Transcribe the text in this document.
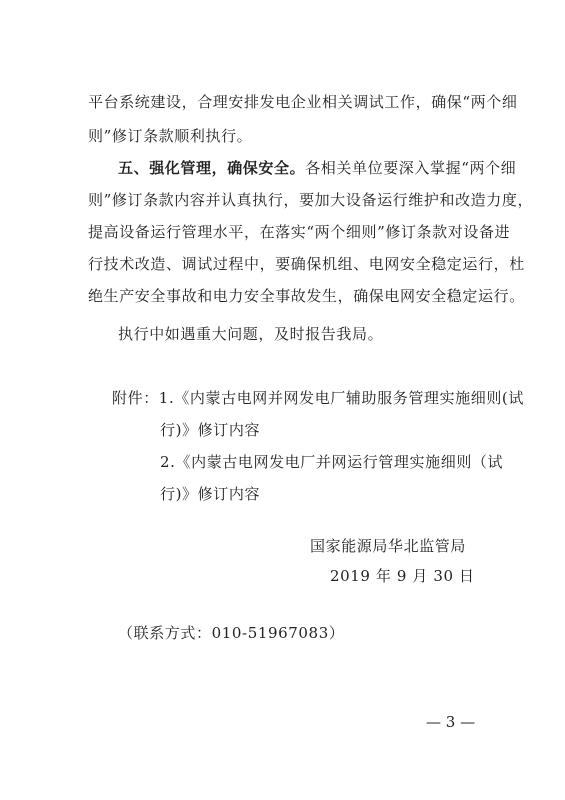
平台系统建设，合理安排发电企业相关调试工作，确保“两个细
则”修订条款顺利执行。
五、强化管理，确保安全。各相关单位要深入掌握“两个细
则”修订条款内容并认真执行，要加大设备运行维护和改造力度，
提高设备运行管理水平，在落实“两个细则”修订条款对设备进
行技术改造、调试过程中，要确保机组、电网安全稳定运行，杜
绝生产安全事故和电力安全事故发生，确保电网安全稳定运行。
执行中如遇重大问题，及时报告我局。
附件：1.《内蒙古电网并网发电厂辅助服务管理实施细则(试
行)》修订内容
2.《内蒙古电网发电厂并网运行管理实施细则（试
行)》修订内容
国家能源局华北监管局
2019 年 9 月 30 日
（联系方式：010-51967083）
— 3 —
